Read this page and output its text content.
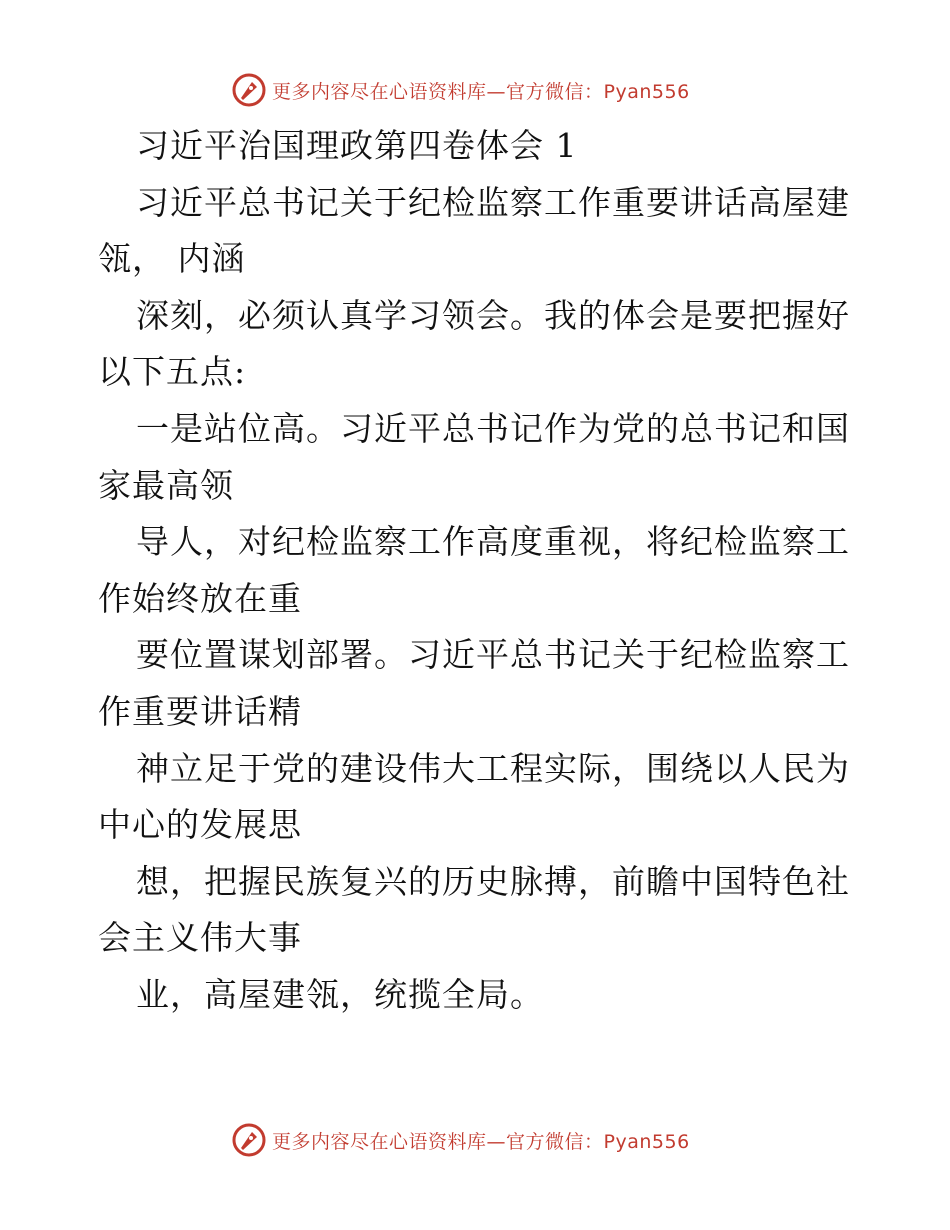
更多内容尽在心语资料库—官方微信：Pyan556
习近平治国理政第四卷体会 1
习近平总书记关于纪检监察工作重要讲话高屋建
瓴， 内涵
深刻，必须认真学习领会。我的体会是要把握好
以下五点:
一是站位高。习近平总书记作为党的总书记和国
家最高领
导人，对纪检监察工作高度重视，将纪检监察工
作始终放在重
要位置谋划部署。习近平总书记关于纪检监察工
作重要讲话精
神立足于党的建设伟大工程实际，围绕以人民为
中心的发展思
想，把握民族复兴的历史脉搏，前瞻中国特色社
会主义伟大事
业，高屋建瓴，统揽全局。
更多内容尽在心语资料库—官方微信：Pyan556
